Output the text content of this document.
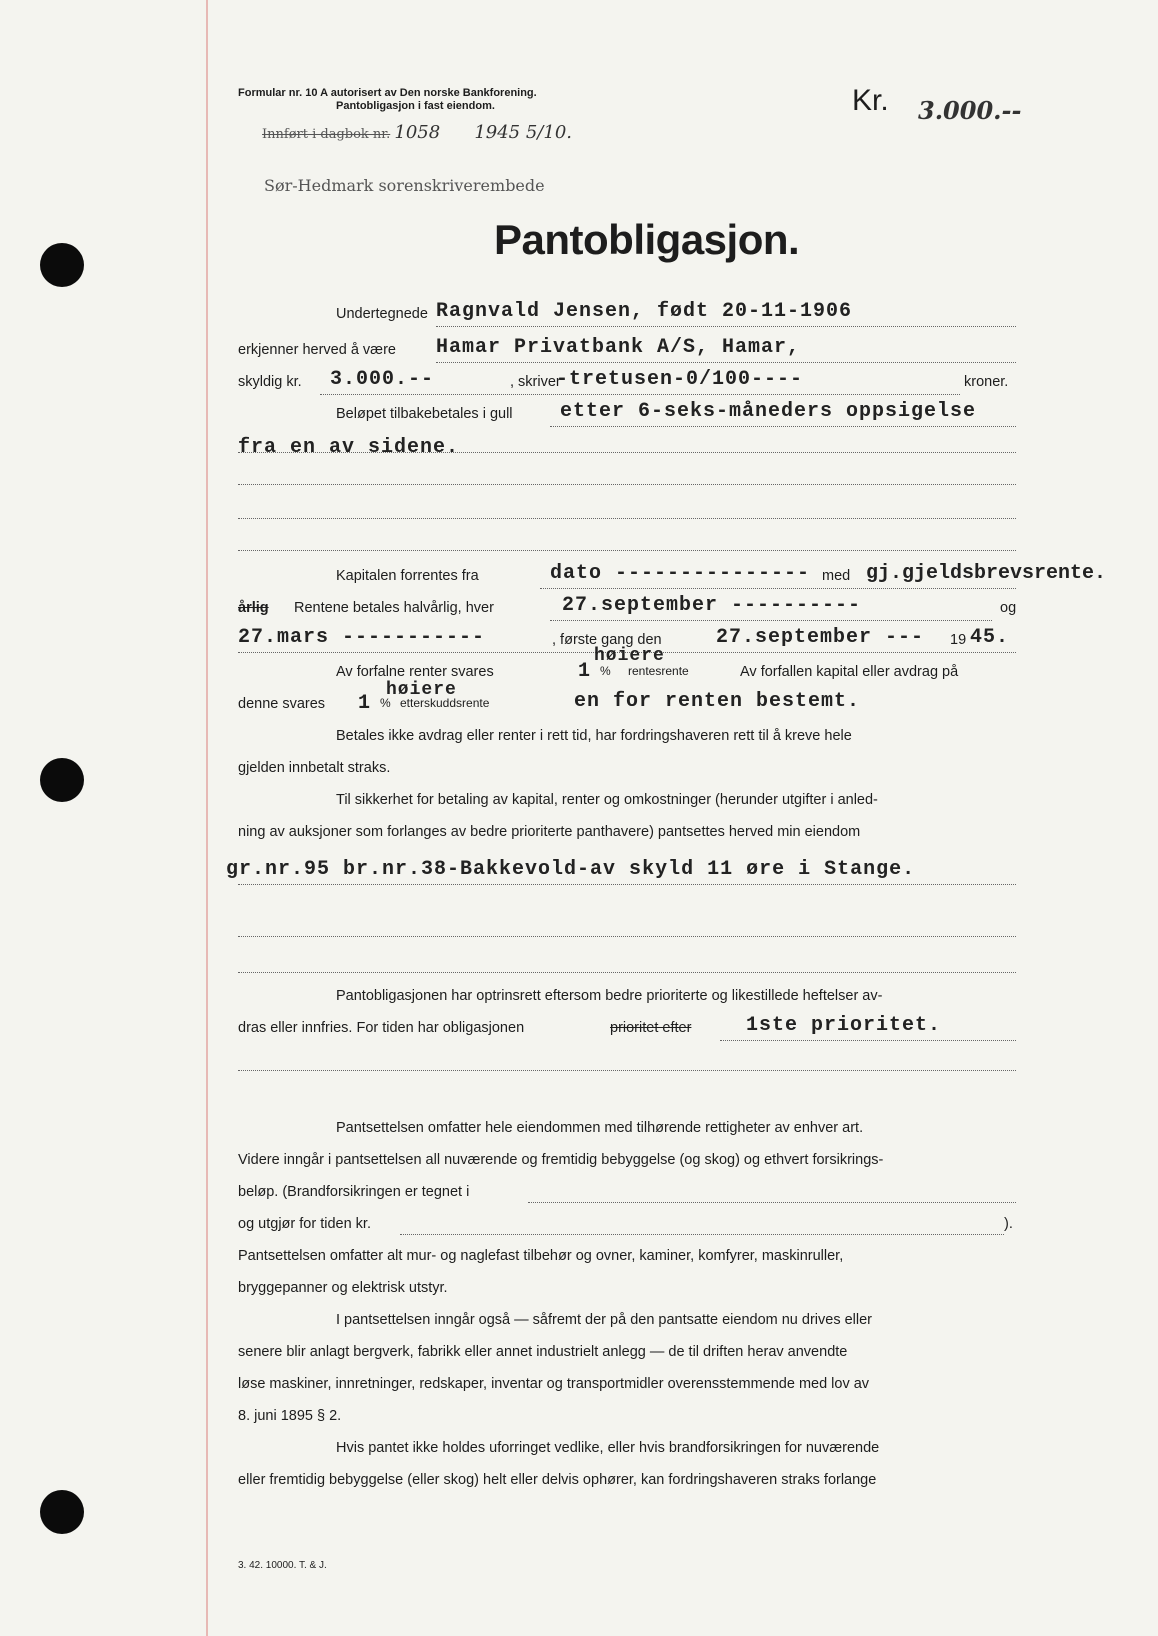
Formular nr. 10 A autorisert av Den norske Bankforening.
Pantobligasjon i fast eiendom.	Kr. 3.000.--
Innført i dagbok nr. 1058 1945 5/10.
Sør-Hedmark sorenskriverembede
Pantobligasjon.
Undertegnede Ragnvald Jensen, født 20-11-1906
erkjenner herved å være Hamar Privatbank A/S, Hamar,
skyldig kr. 3.000.--	, skriver
-tretusen-0/100----	kroner.
Beløpet tilbakebetales i gull etter 6-seks-måneders oppsigelse
fra en av sidene.
Kapitalen forrentes fra	dato --------------- med gj.gjeldsbrevsrente.
årlig Rentene betales halvårlig, hver	27.september ----------	og
27.mars -----------	, første gang den	27.september --- 19 45.
Av forfalne renter svares	1 %
høiere
rentesrente	Av forfallen kapital eller avdrag på
denne svares 1 %
høiere
etterskuddsrente	en for renten bestemt.
Betales ikke avdrag eller renter i rett tid, har fordringshaveren rett til å kreve hele
gjelden innbetalt straks.
Til sikkerhet for betaling av kapital, renter og omkostninger (herunder utgifter i anled-
ning av auksjoner som forlanges av bedre prioriterte panthavere) pantsettes herved min eiendom
gr.nr.95 br.nr.38-Bakkevold-av skyld 11 øre i Stange.
Pantobligasjonen har optrinsrett eftersom bedre prioriterte og likestillede heftelser av-
dras eller innfries. For tiden har obligasjonen	prioritet efter	1ste prioritet.
Pantsettelsen omfatter hele eiendommen med tilhørende rettigheter av enhver art.
Videre inngår i pantsettelsen all nuværende og fremtidig bebyggelse (og skog) og ethvert forsikrings-
beløp. (Brandforsikringen er tegnet i
og utgjør for tiden kr.	).
Pantsettelsen omfatter alt mur- og naglefast tilbehør og ovner, kaminer, komfyrer, maskinruller,
bryggepanner og elektrisk utstyr.
I pantsettelsen inngår også — såfremt der på den pantsatte eiendom nu drives eller
senere blir anlagt bergverk, fabrikk eller annet industrielt anlegg — de til driften herav anvendte
løse maskiner, innretninger, redskaper, inventar og transportmidler overensstemmende med lov av
8. juni 1895 § 2.
Hvis pantet ikke holdes uforringet vedlike, eller hvis brandforsikringen for nuværende
eller fremtidig bebyggelse (eller skog) helt eller delvis ophører, kan fordringshaveren straks forlange
3. 42. 10000. T. & J.
